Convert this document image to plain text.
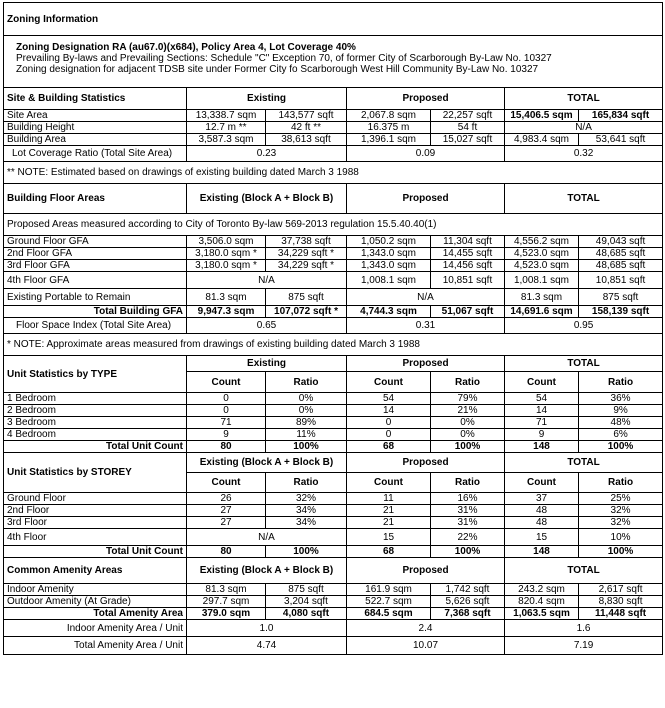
Zoning Information						

Zoning Designation RA (au67.0)(x684), Policy Area 4, Lot Coverage 40%
Prevailing By-laws and Prevailing Sections: Schedule "C" Exception 70, of former City of Scarborough By-Law No. 10327
Zoning designation for adjacent TDSB site under Former City fo Scarborough West Hill Community By-Law No. 10327						

Site & Building Statistics	Existing		Proposed		TOTAL	
Site Area	13,338.7 sqm	143,577 sqft	2,067.8 sqm	22,257 sqft	15,406.5 sqm	165,834 sqft
Building Height	12.7 m **	42 ft **	16.375 m	54 ft	N/A	
Building Area	3,587.3 sqm	38,613 sqft	1,396.1 sqm	15,027 sqft	4,983.4 sqm	53,641 sqft
Lot Coverage Ratio (Total Site Area)	0.23		0.09		0.32	
** NOTE: Estimated based on drawings of existing building dated March 3 1988						
Building Floor Areas	Existing (Block A + Block B)		Proposed		TOTAL	
Proposed Areas measured according to City of Toronto By-law 569-2013 regulation 15.5.40.40(1)						
Ground Floor GFA	3,506.0 sqm	37,738 sqft	1,050.2 sqm	11,304 sqft	4,556.2 sqm	49,043 sqft
2nd Floor GFA	3,180.0 sqm *	34,229 sqft *	1,343.0 sqm	14,455 sqft	4,523.0 sqm	48,685 sqft
3rd Floor GFA	3,180.0 sqm *	34,229 sqft *	1,343.0 sqm	14,456 sqft	4,523.0 sqm	48,685 sqft
4th Floor GFA	N/A		1,008.1 sqm	10,851 sqft	1,008.1 sqm	10,851 sqft
Existing Portable to Remain	81.3 sqm	875 sqft	N/A		81.3 sqm	875 sqft
Total Building GFA	9,947.3 sqm	107,072 sqft *	4,744.3 sqm	51,067 sqft	14,691.6 sqm	158,139 sqft
Floor Space Index (Total Site Area)	0.65		0.31		0.95	
* NOTE: Approximate areas measured from drawings of existing building dated March 3 1988						
Unit Statistics by TYPE	Existing		Proposed		TOTAL	
	Count	Ratio	Count	Ratio	Count	Ratio
1 Bedroom	0	0%	54	79%	54	36%
2 Bedroom	0	0%	14	21%	14	9%
3 Bedroom	71	89%	0	0%	71	48%
4 Bedroom	9	11%	0	0%	9	6%
Total Unit Count	80	100%	68	100%	148	100%
Unit Statistics by STOREY	Existing (Block A + Block B)		Proposed		TOTAL	
	Count	Ratio	Count	Ratio	Count	Ratio
Ground Floor	26	32%	11	16%	37	25%
2nd Floor	27	34%	21	31%	48	32%
3rd Floor	27	34%	21	31%	48	32%
4th Floor	N/A		15	22%	15	10%
Total Unit Count	80	100%	68	100%	148	100%
Common Amenity Areas	Existing (Block A + Block B)		Proposed		TOTAL	
Indoor Amenity	81.3 sqm	875 sqft	161.9 sqm	1,742 sqft	243.2 sqm	2,617 sqft
Outdoor Amenity (At Grade)	297.7 sqm	3,204 sqft	522.7 sqm	5,626 sqft	820.4 sqm	8,830 sqft
Total Amenity Area	379.0 sqm	4,080 sqft	684.5 sqm	7,368 sqft	1,063.5 sqm	11,448 sqft
Indoor Amenity Area / Unit	1.0		2.4		1.6	
Total Amenity Area / Unit	4.74		10.07		7.19	
